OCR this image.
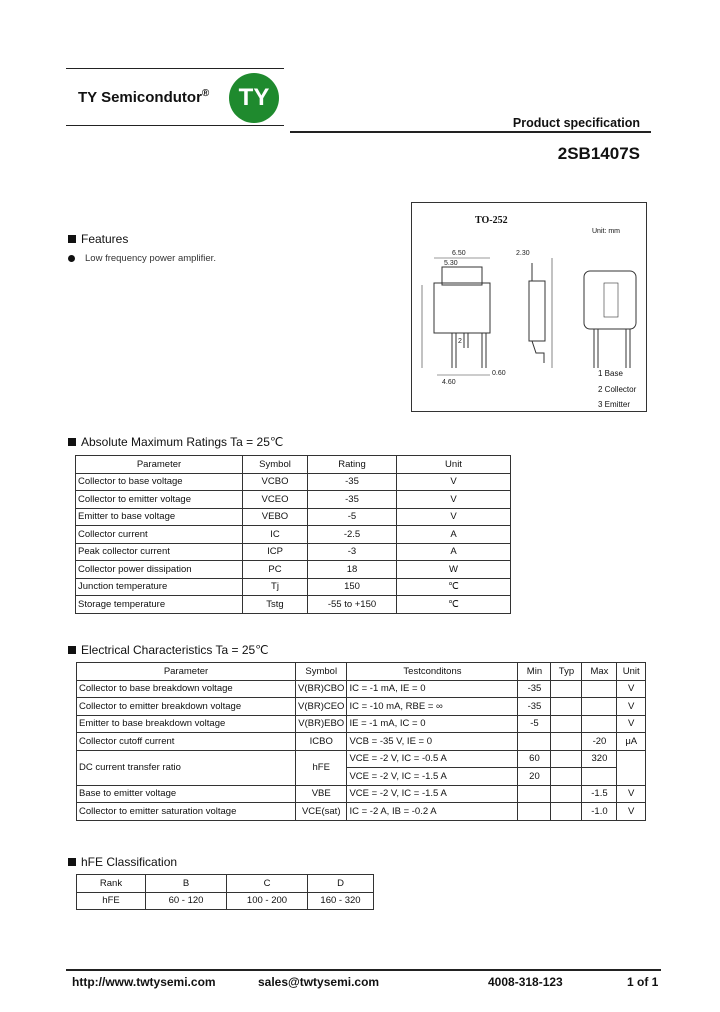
TY Semicondutor®	TY
Product specification
2SB1407S
TO-252
Unit: mm
6.50
5.30
2.30
2
4.60
0.60	1 Base
2 Collector
3 Emitter
Features
Low frequency power amplifier.
Absolute Maximum Ratings Ta = 25℃
Parameter	Symbol	Rating	Unit
Collector to base voltage	VCBO	-35	V
Collector to emitter voltage	VCEO	-35	V
Emitter to base voltage	VEBO	-5	V
Collector current	IC	-2.5	A
Peak collector current	ICP	-3	A
Collector power dissipation	PC	18	W
Junction temperature	Tj	150	℃
Storage temperature	Tstg	-55 to +150	℃
Electrical Characteristics Ta = 25℃
Parameter	Symbol	Testconditons	Min	Typ	Max	Unit
Collector to base breakdown voltage	V(BR)CBO	IC = -1 mA, IE = 0	-35			V
Collector to emitter breakdown voltage	V(BR)CEO	IC = -10 mA, RBE = ∞	-35			V
Emitter to base breakdown voltage	V(BR)EBO	IE = -1 mA, IC = 0	-5			V
Collector cutoff current	ICBO	VCB = -35 V, IE = 0			-20	μA
DC current transfer ratio	hFE	VCE = -2 V, IC = -0.5 A	60		320	
		VCE = -2 V, IC = -1.5 A	20			
Base to emitter voltage	VBE	VCE = -2 V, IC = -1.5 A			-1.5	V
Collector to emitter saturation voltage	VCE(sat)	IC = -2 A, IB = -0.2 A			-1.0	V
hFE Classification
Rank	B	C	D
hFE	60 - 120	100 - 200	160 - 320
http://www.twtysemi.com	sales@twtysemi.com	4008-318-123	1 of 1
